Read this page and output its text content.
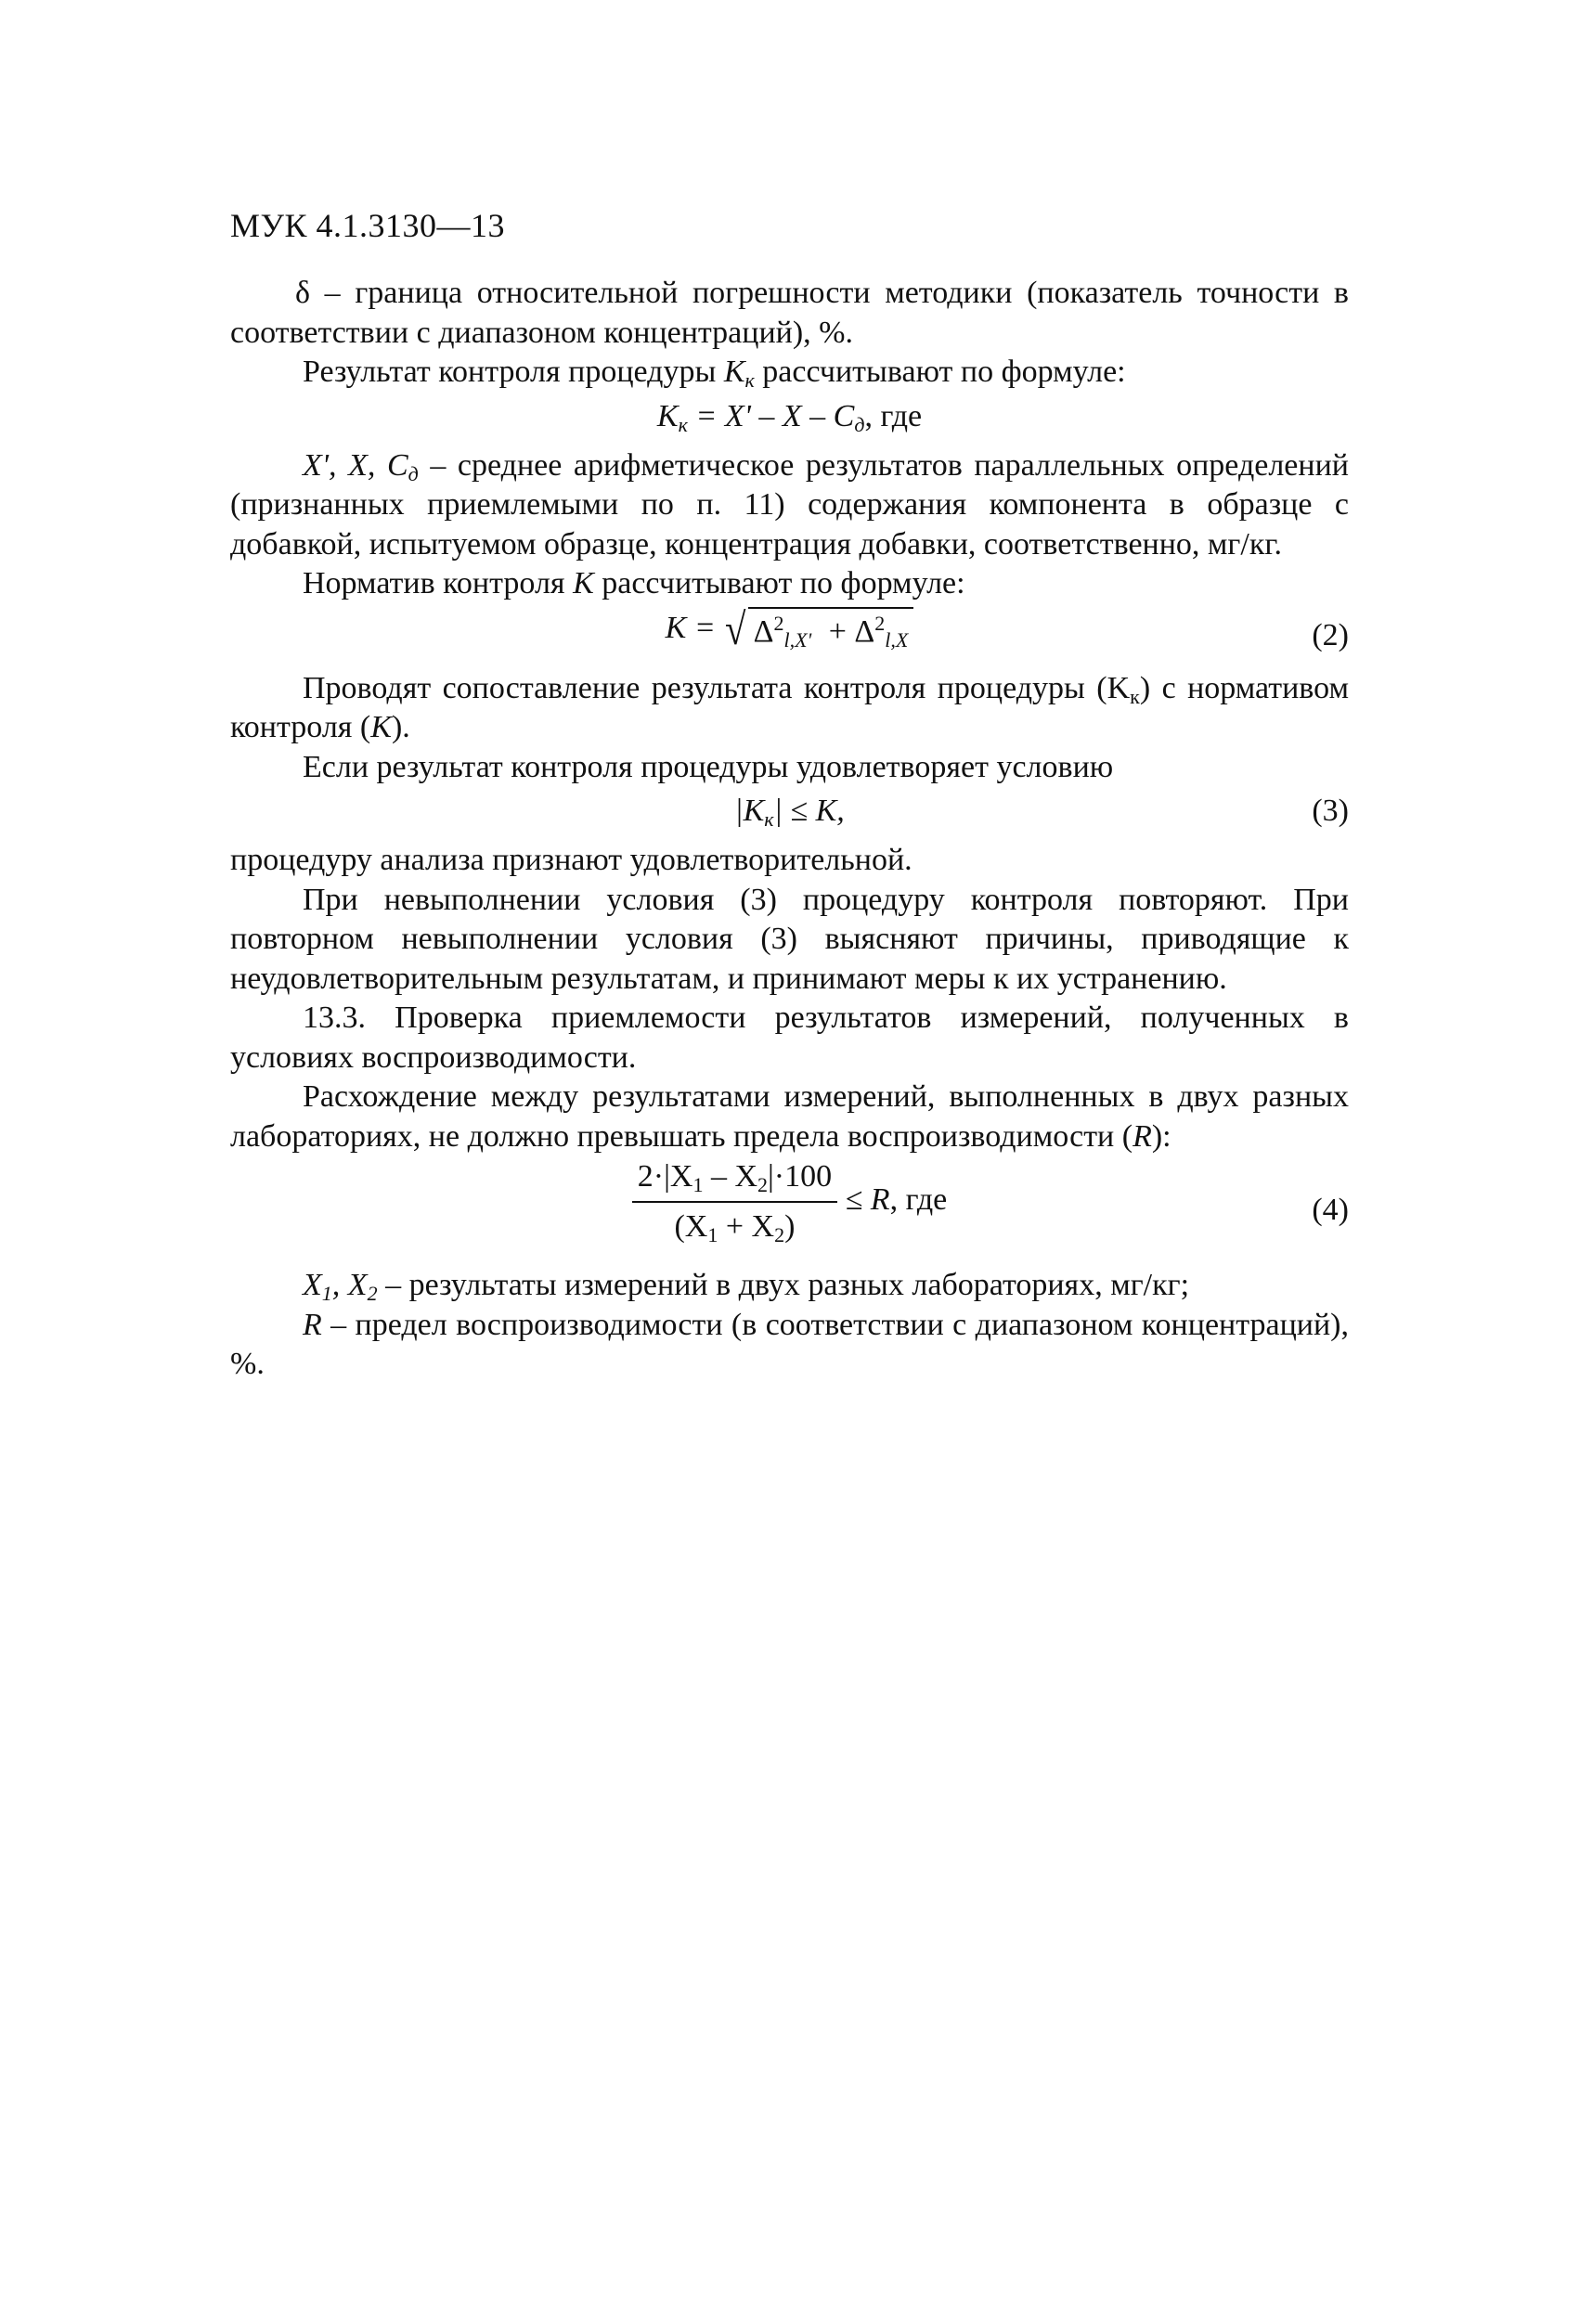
МУК 4.1.3130—13

δ – граница относительной погрешности методики (показатель точности в соответствии с диапазоном концентраций), %.

Результат контроля процедуры $K_к$ рассчитывают по формуле:

$K_к = X' - X - C_д$, где

X', X, $C_д$ – среднее арифметическое результатов параллельных определений (признанных приемлемыми по п. 11) содержания компонента в образце с добавкой, испытуемом образце, концентрация добавки, соответственно, мг/кг.

Норматив контроля K рассчитывают по формуле:

K = √ $\Delta^2_{l,X'} + \Delta^2_{l,X}$	(2)

Проводят сопоставление результата контроля процедуры $(K_к)$ с нормативом контроля (K).

Если результат контроля процедуры удовлетворяет условию

$|K_к| \le K$,	(3)

процедуру анализа признают удовлетворительной.

При невыполнении условия (3) процедуру контроля повторяют. При повторном невыполнении условия (3) выясняют причины, приводящие к неудовлетворительным результатам, и принимают меры к их устранению.

13.3. Проверка приемлемости результатов измерений, полученных в условиях воспроизводимости.

Расхождение между результатами измерений, выполненных в двух разных лабораториях, не должно превышать предела воспроизводимости (R):

$\frac{2\cdot|X_1 - X_2|\cdot 100}{(X_1 + X_2)} \le R$, где	(4)

$X_1$, $X_2$ – результаты измерений в двух разных лабораториях, мг/кг;

R – предел воспроизводимости (в соответствии с диапазоном концентраций), %.
